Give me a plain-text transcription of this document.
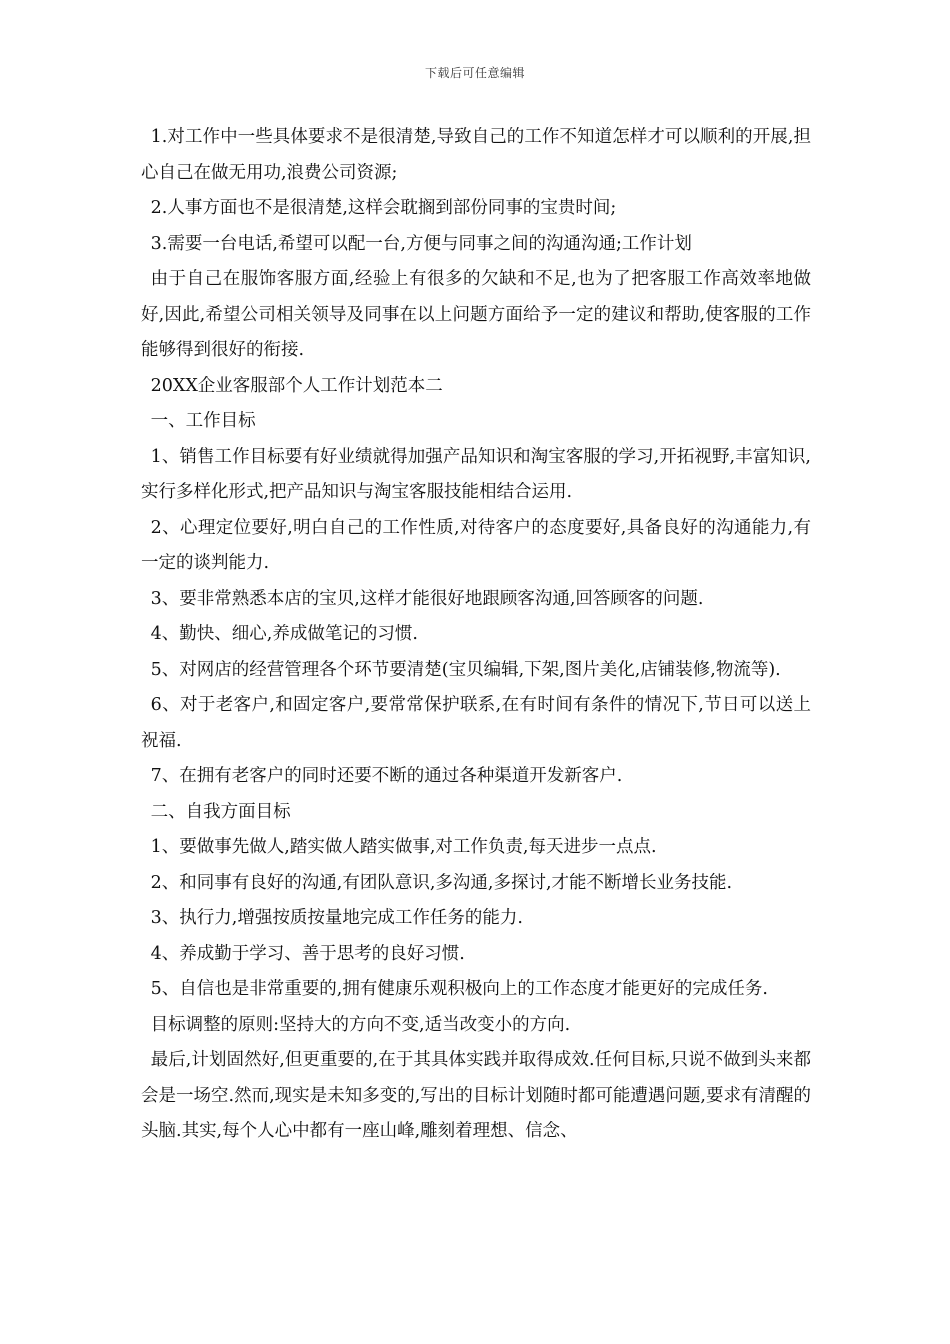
下载后可任意编辑

1.对工作中一些具体要求不是很清楚,导致自己的工作不知道怎样才可以顺利的开展,担心自己在做无用功,浪费公司资源;

2.人事方面也不是很清楚,这样会耽搁到部份同事的宝贵时间;

3.需要一台电话,希望可以配一台,方便与同事之间的沟通沟通;工作计划

由于自己在服饰客服方面,经验上有很多的欠缺和不足,也为了把客服工作高效率地做好,因此,希望公司相关领导及同事在以上问题方面给予一定的建议和帮助,使客服的工作能够得到很好的衔接.

20XX企业客服部个人工作计划范本二

一、工作目标

1、销售工作目标要有好业绩就得加强产品知识和淘宝客服的学习,开拓视野,丰富知识,实行多样化形式,把产品知识与淘宝客服技能相结合运用.

2、心理定位要好,明白自己的工作性质,对待客户的态度要好,具备良好的沟通能力,有一定的谈判能力.

3、要非常熟悉本店的宝贝,这样才能很好地跟顾客沟通,回答顾客的问题.

4、勤快、细心,养成做笔记的习惯.

5、对网店的经营管理各个环节要清楚(宝贝编辑,下架,图片美化,店铺装修,物流等).

6、对于老客户,和固定客户,要常常保护联系,在有时间有条件的情况下,节日可以送上祝福.

7、在拥有老客户的同时还要不断的通过各种渠道开发新客户.

二、自我方面目标

1、要做事先做人,踏实做人踏实做事,对工作负责,每天进步一点点.

2、和同事有良好的沟通,有团队意识,多沟通,多探讨,才能不断增长业务技能.

3、执行力,增强按质按量地完成工作任务的能力.

4、养成勤于学习、善于思考的良好习惯.

5、自信也是非常重要的,拥有健康乐观积极向上的工作态度才能更好的完成任务.

目标调整的原则:坚持大的方向不变,适当改变小的方向.

最后,计划固然好,但更重要的,在于其具体实践并取得成效.任何目标,只说不做到头来都会是一场空.然而,现实是未知多变的,写出的目标计划随时都可能遭遇问题,要求有清醒的头脑.其实,每个人心中都有一座山峰,雕刻着理想、信念、
